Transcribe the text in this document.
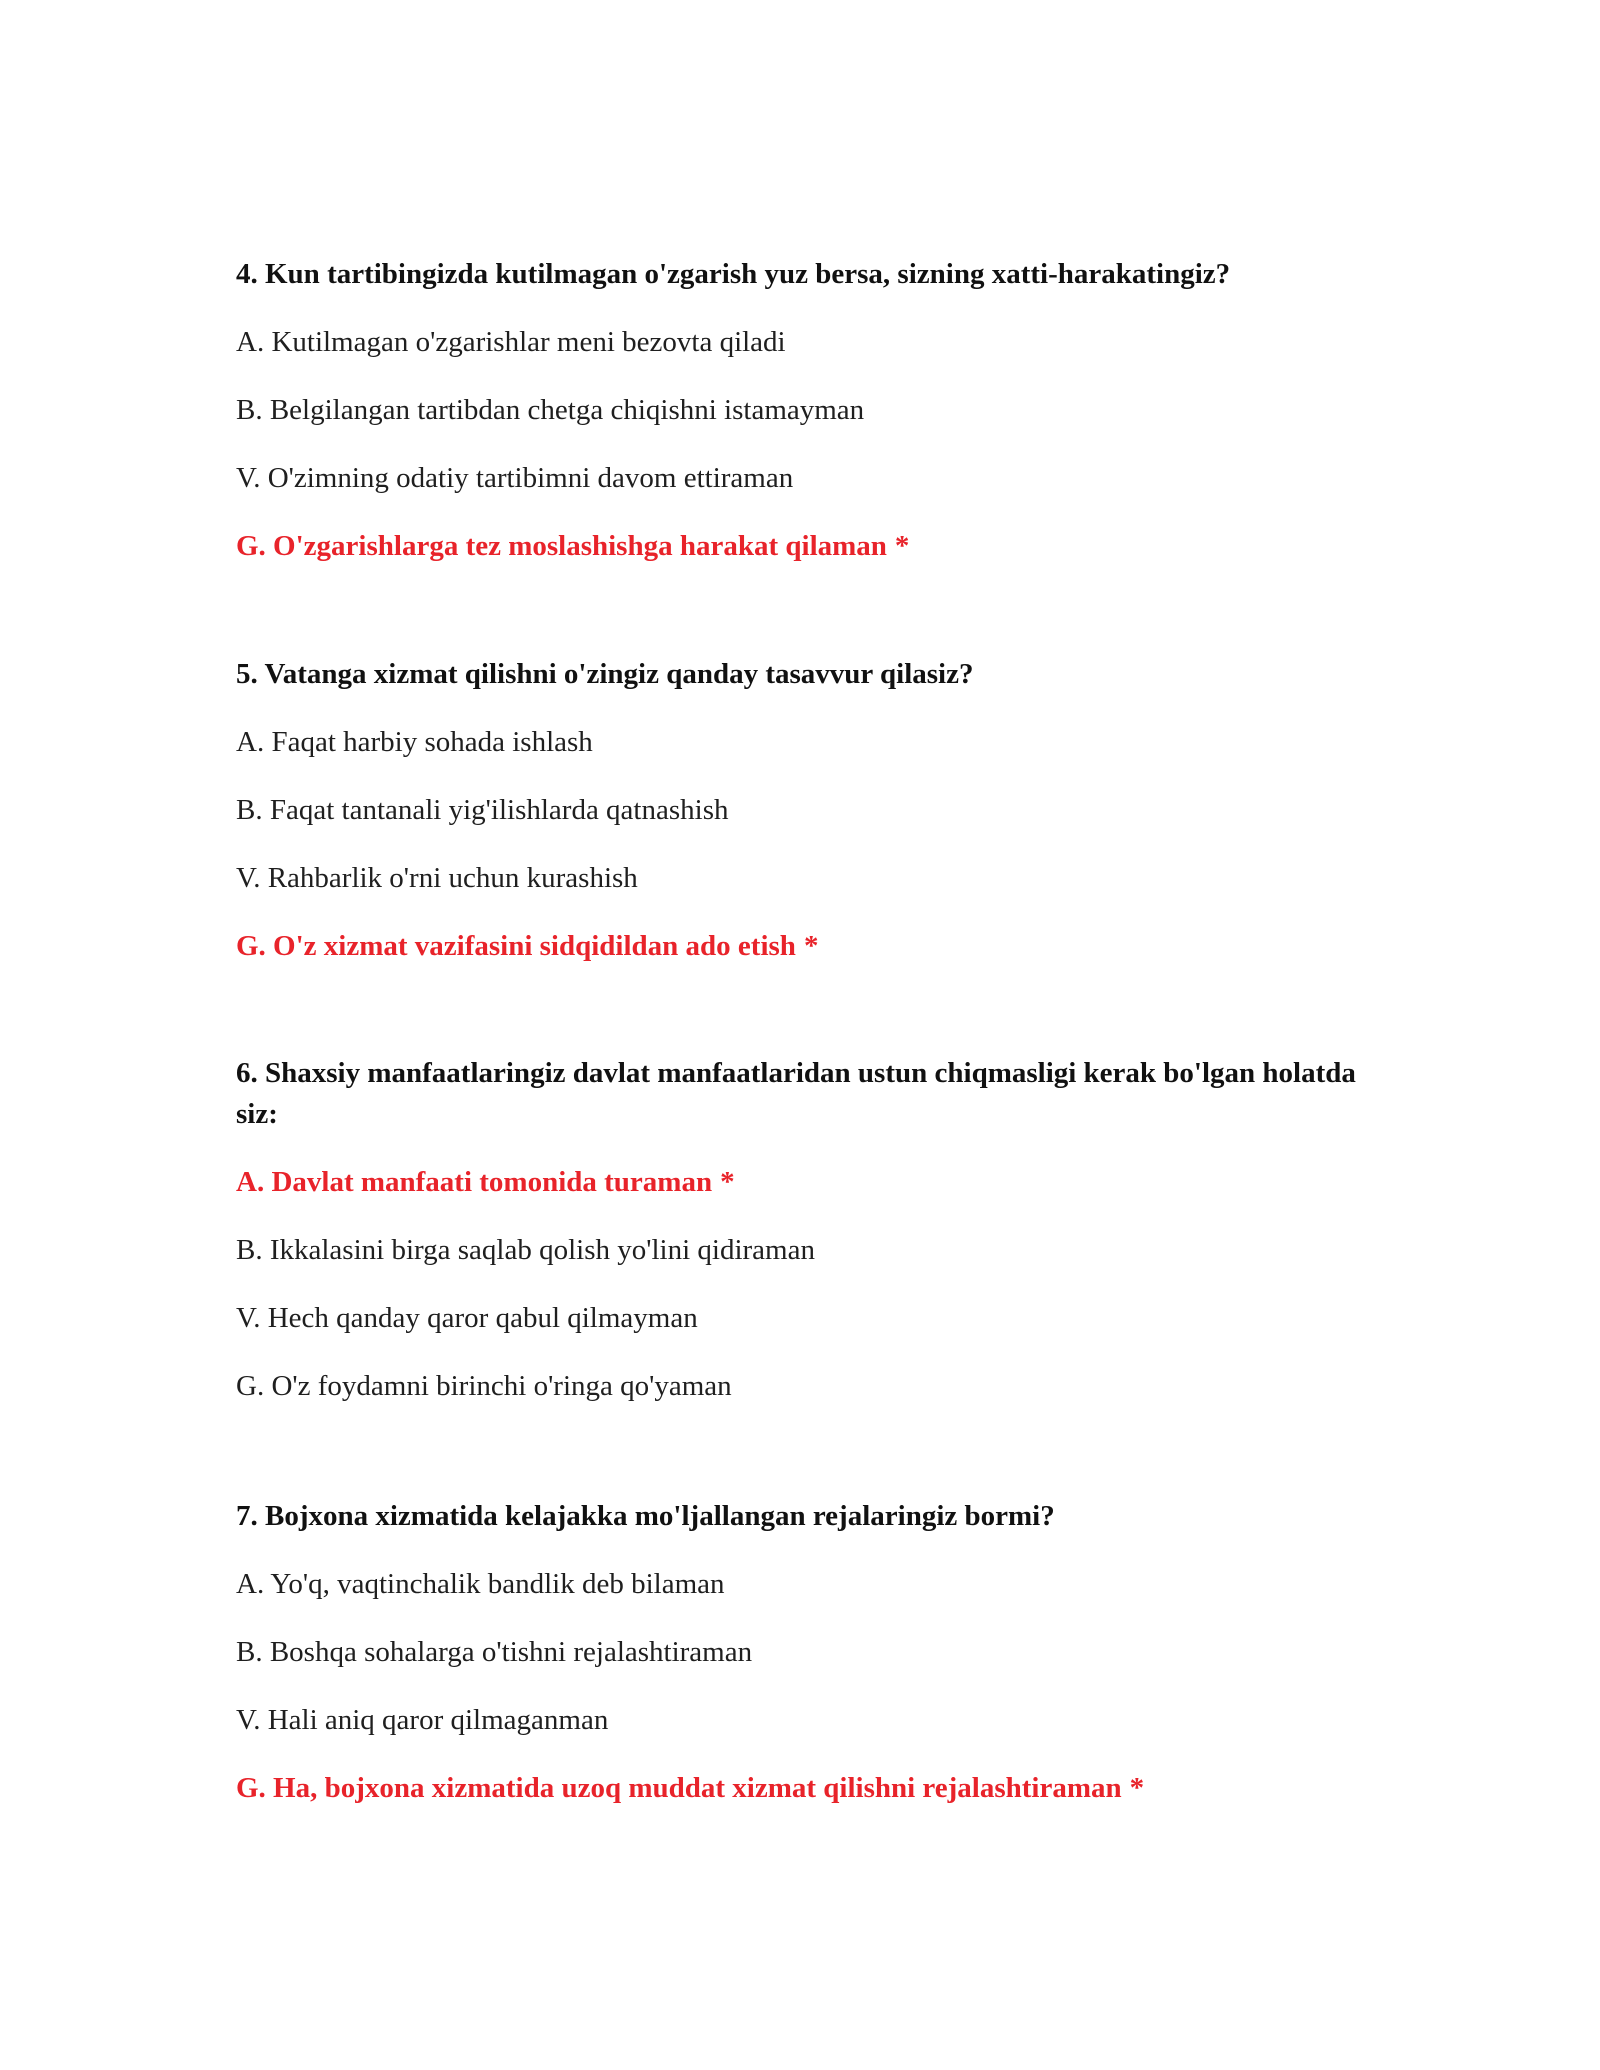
4. Kun tartibingizda kutilmagan o'zgarish yuz bersa, sizning xatti-harakatingiz?

A. Kutilmagan o'zgarishlar meni bezovta qiladi
B. Belgilangan tartibdan chetga chiqishni istamayman
V. O'zimning odatiy tartibimni davom ettiraman
G. O'zgarishlarga tez moslashishga harakat qilaman *

5. Vatanga xizmat qilishni o'zingiz qanday tasavvur qilasiz?

A. Faqat harbiy sohada ishlash
B. Faqat tantanali yig'ilishlarda qatnashish
V. Rahbarlik o'rni uchun kurashish
G. O'z xizmat vazifasini sidqidildan ado etish *

6. Shaxsiy manfaatlaringiz davlat manfaatlaridan ustun chiqmasligi kerak bo'lgan holatda siz:

A. Davlat manfaati tomonida turaman *
B. Ikkalasini birga saqlab qolish yo'lini qidiraman
V. Hech qanday qaror qabul qilmayman
G. O'z foydamni birinchi o'ringa qo'yaman

7. Bojxona xizmatida kelajakka mo'ljallangan rejalaringiz bormi?

A. Yo'q, vaqtinchalik bandlik deb bilaman
B. Boshqa sohalarga o'tishni rejalashtiraman
V. Hali aniq qaror qilmaganman
G. Ha, bojxona xizmatida uzoq muddat xizmat qilishni rejalashtiraman *
